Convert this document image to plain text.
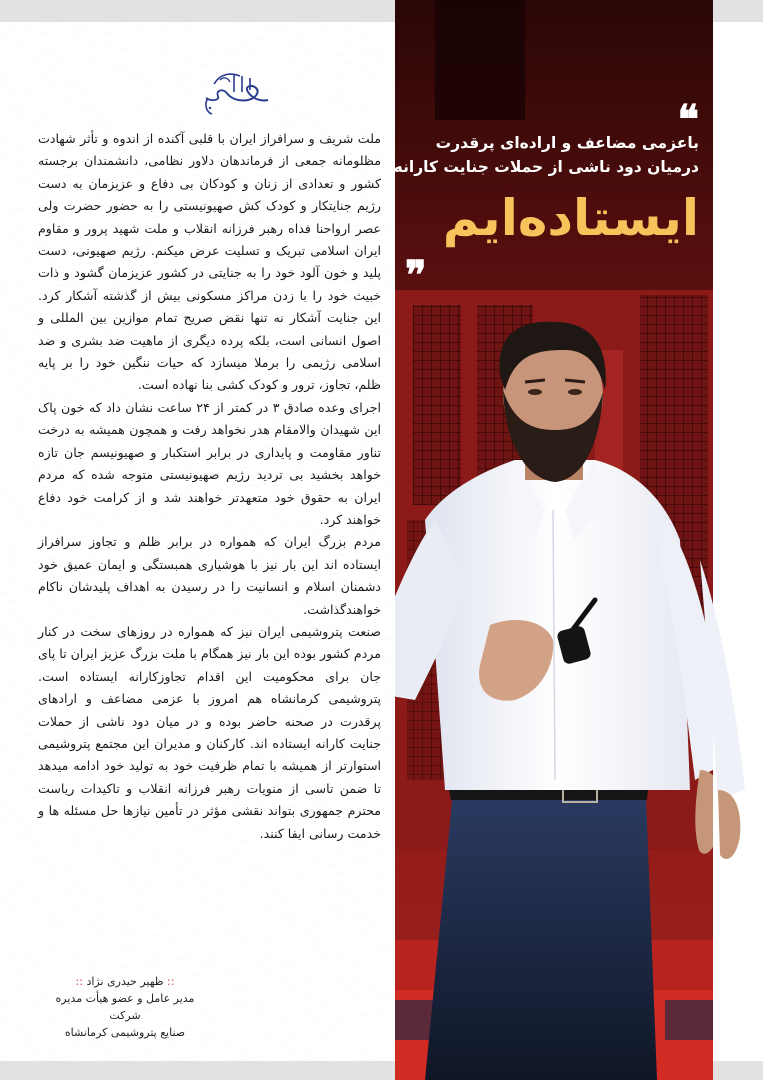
ملت شریف و سرافراز ایران با قلبی آکنده از اندوه و تأثر شهادت مظلومانه جمعی از فرماندهان دلاور نظامی، دانشمندان برجسته کشور و تعدادی از زنان و کودکان بی دفاع و عزیزمان به دست رژیم جنایتکار و کودک کش صهیونیستی را به حضور حضرت ولی عصر ارواحنا فداه رهبر فرزانه انقلاب و ملت شهید پرور و مقاوم ایران اسلامی تبریک و تسلیت عرض میکنم. رژیم صهیونی، دست پلید و خون آلود خود را به جنایتی در کشور عزیزمان گشود و ذات خبیث خود را با زدن مراکز مسکونی بیش از گذشته آشکار کرد. این جنایت آشکار نه تنها نقض صریح تمام موازین بین المللی و اصول انسانی است، بلکه پرده دیگری از ماهیت ضد بشری و ضد اسلامی رژیمی را برملا میسازد که حیات ننگین خود را بر پایه ظلم، تجاوز، ترور و کودک کشی بنا نهاده است.

اجرای وعده صادق ۳ در کمتر از ۲۴ ساعت نشان داد که خون پاک این شهیدان والامقام هدر نخواهد رفت و همچون همیشه به درخت تناور مقاومت و پایداری در برابر استکبار و صهیونیسم جان تازه خواهد بخشید بی تردید رژیم صهیونیستی متوجه شده که مردم ایران به حقوق خود متعهدتر خواهند شد و از کرامت خود دفاع خواهند کرد.

مردم بزرگ ایران که همواره در برابر ظلم و تجاوز سرافراز ایستاده اند این بار نیز با هوشیاری همبستگی و ایمان عمیق خود دشمنان اسلام و انسانیت را در رسیدن به اهداف پلیدشان ناکام خواهندگذاشت.

صنعت پتروشیمی ایران نیز که همواره در روزهای سخت در کنار مردم کشور بوده این بار نیز همگام با ملت بزرگ عزیز ایران تا پای جان برای محکومیت این اقدام تجاوزکارانه ایستاده است. پتروشیمی کرمانشاه هم امروز با عزمی مضاعف و ارادهای پرقدرت در صحنه حاضر بوده و در میان دود ناشی از حملات جنایت کارانه ایستاده اند. کارکنان و مدیران این مجتمع پتروشیمی استوارتر از همیشه با تمام ظرفیت خود به تولید خود ادامه میدهد تا ضمن تاسی از منویات رهبر فرزانه انقلاب و تاکیدات ریاست محترم جمهوری بتواند نقشی مؤثر در تأمین نیازها حل مسئله ها و خدمت رسانی ایفا کنند.

:: ظهیر حیدری نژاد ::
مدیر عامل و عضو هیأت مدیره شرکت
صنایع پتروشیمی کرمانشاه
❝
باعزمی مضاعف و اراده‌ای پرقدرت
درمیان دود ناشی از حملات جنایت کارانه
ایستاده‌ایم
❞
